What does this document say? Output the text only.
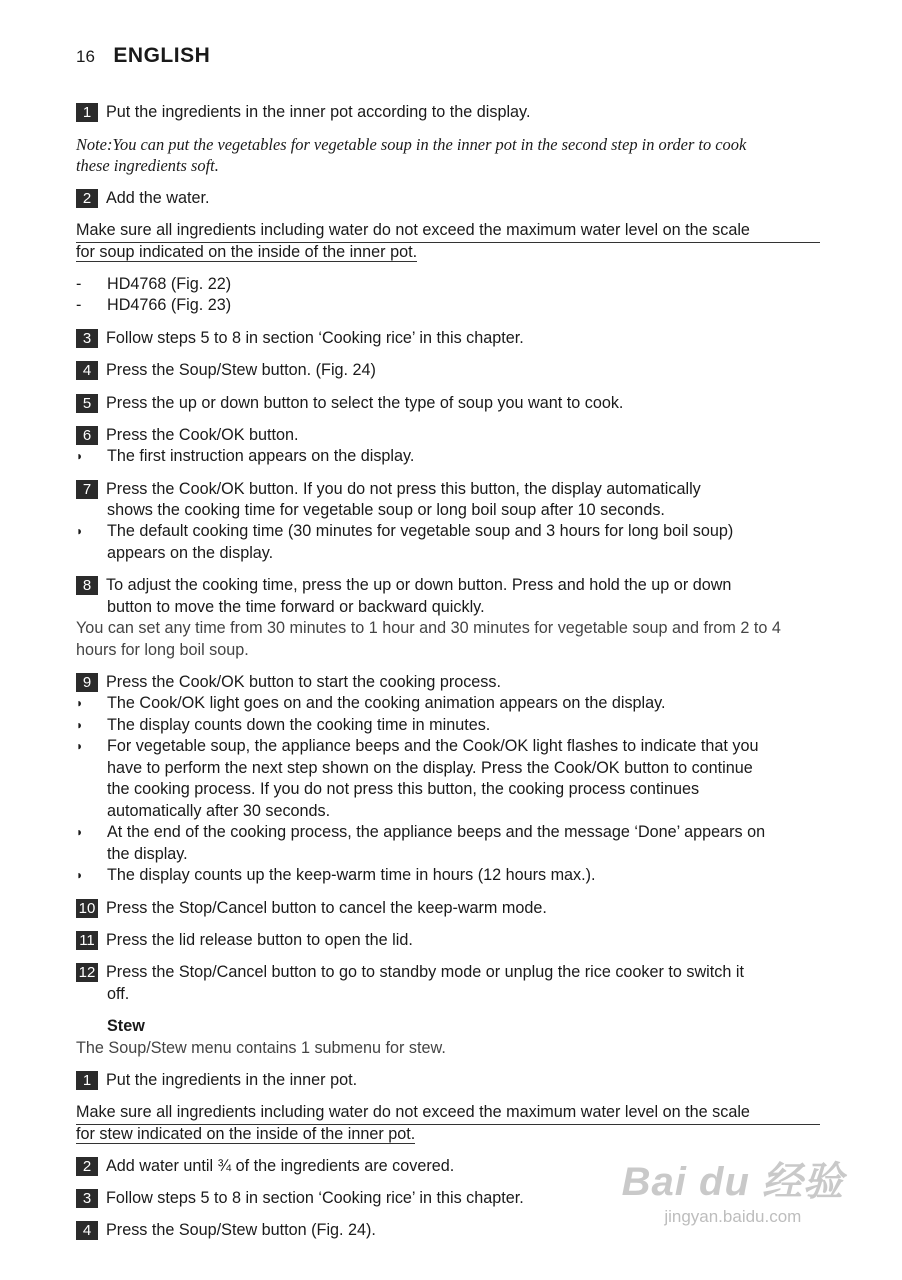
16 ENGLISH
1 Put the ingredients in the inner pot according to the display.
Note:You can put the vegetables for vegetable soup in the inner pot in the second step in order to cook
these ingredients soft.
2 Add the water.
Make sure all ingredients including water do not exceed the maximum water level on the scale
for soup indicated on the inside of the inner pot.
- HD4768 (Fig. 22)
- HD4766 (Fig. 23)
3 Follow steps 5 to 8 in section ‘Cooking rice’ in this chapter.
4 Press the Soup/Stew button. (Fig. 24)
5 Press the up or down button to select the type of soup you want to cook.
6 Press the Cook/OK button.
◗ The first instruction appears on the display.
7 Press the Cook/OK button. If you do not press this button, the display automatically
shows the cooking time for vegetable soup or long boil soup after 10 seconds.
◗ The default cooking time (30 minutes for vegetable soup and 3 hours for long boil soup)
appears on the display.
8 To adjust the cooking time, press the up or down button. Press and hold the up or down
button to move the time forward or backward quickly.
You can set any time from 30 minutes to 1 hour and 30 minutes for vegetable soup and from 2 to 4
hours for long boil soup.
9 Press the Cook/OK button to start the cooking process.
◗ The Cook/OK light goes on and the cooking animation appears on the display.
◗ The display counts down the cooking time in minutes.
◗ For vegetable soup, the appliance beeps and the Cook/OK light flashes to indicate that you
have to perform the next step shown on the display. Press the Cook/OK button to continue
the cooking process. If you do not press this button, the cooking process continues
automatically after 30 seconds.
◗ At the end of the cooking process, the appliance beeps and the message ‘Done’ appears on
the display.
◗ The display counts up the keep-warm time in hours (12 hours max.).
10 Press the Stop/Cancel button to cancel the keep-warm mode.
11 Press the lid release button to open the lid.
12 Press the Stop/Cancel button to go to standby mode or unplug the rice cooker to switch it
off.
Stew
The Soup/Stew menu contains 1 submenu for stew.
1 Put the ingredients in the inner pot.
Make sure all ingredients including water do not exceed the maximum water level on the scale
for stew indicated on the inside of the inner pot.
2 Add water until ¾ of the ingredients are covered.
3 Follow steps 5 to 8 in section ‘Cooking rice’ in this chapter.
4 Press the Soup/Stew button (Fig. 24).
Bai du 经验
jingyan.baidu.com
